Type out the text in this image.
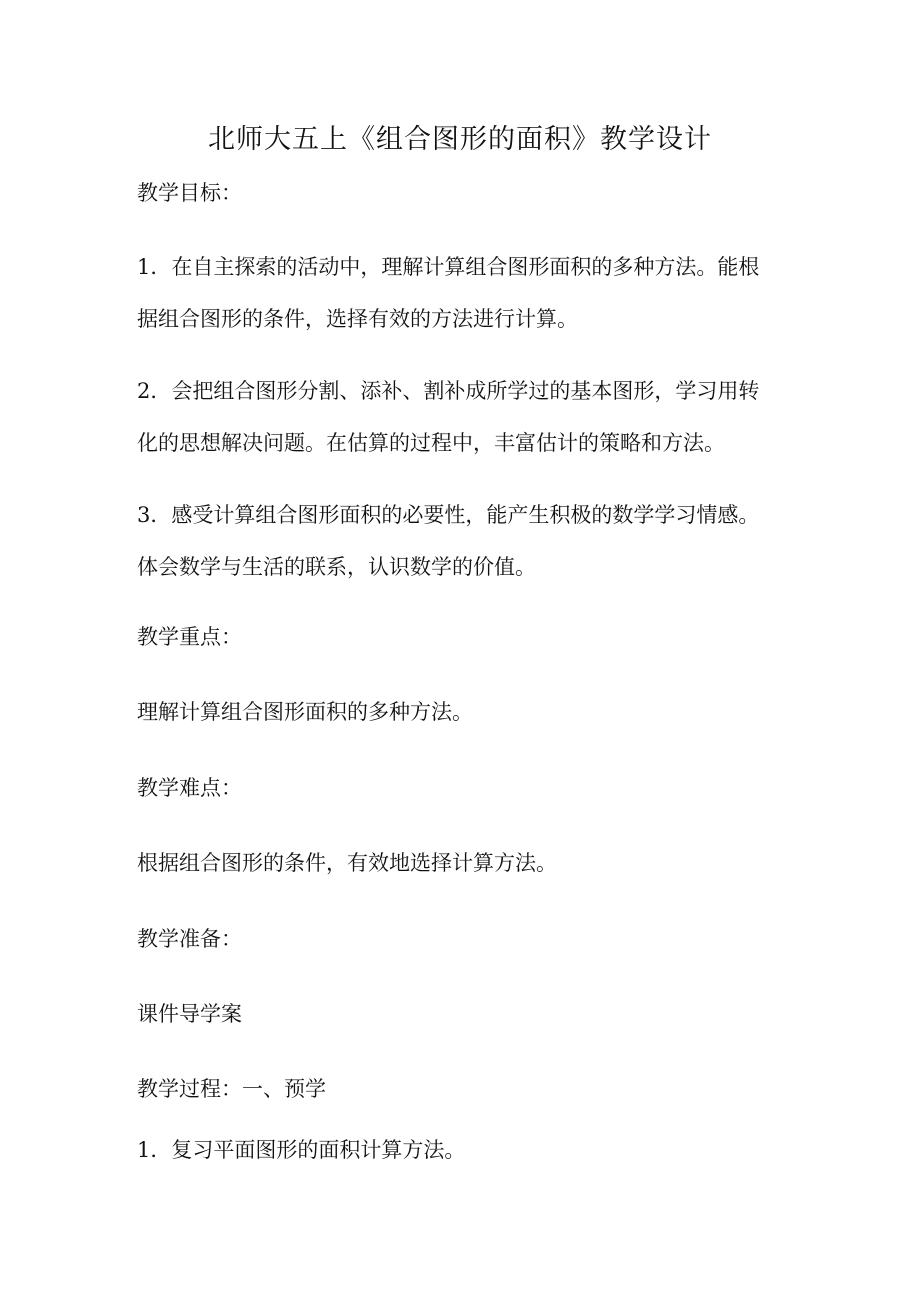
北师大五上《组合图形的面积》教学设计
教学目标：
1．在自主探索的活动中，理解计算组合图形面积的多种方法。能根
据组合图形的条件，选择有效的方法进行计算。
2．会把组合图形分割、添补、割补成所学过的基本图形，学习用转
化的思想解决问题。在估算的过程中，丰富估计的策略和方法。
3．感受计算组合图形面积的必要性，能产生积极的数学学习情感。
体会数学与生活的联系，认识数学的价值。
教学重点：
理解计算组合图形面积的多种方法。
教学难点：
根据组合图形的条件，有效地选择计算方法。
教学准备：
课件导学案
教学过程：一、预学
1．复习平面图形的面积计算方法。
